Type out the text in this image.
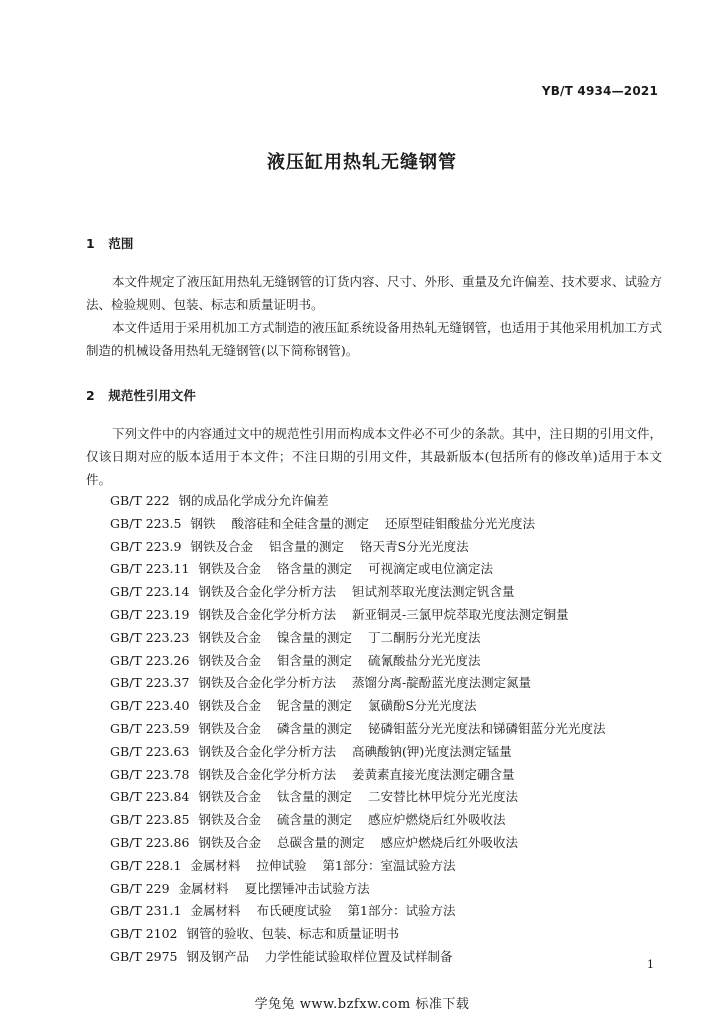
YB/T 4934—2021
液压缸用热轧无缝钢管
1 范围

本文件规定了液压缸用热轧无缝钢管的订货内容、尺寸、外形、重量及允许偏差、技术要求、试验方法、检验规则、包装、标志和质量证明书。

本文件适用于采用机加工方式制造的液压缸系统设备用热轧无缝钢管，也适用于其他采用机加工方式制造的机械设备用热轧无缝钢管(以下简称钢管)。

2 规范性引用文件

下列文件中的内容通过文中的规范性引用而构成本文件必不可少的条款。其中，注日期的引用文件，仅该日期对应的版本适用于本文件；不注日期的引用文件，其最新版本(包括所有的修改单)适用于本文件。

GB/T 222 钢的成品化学成分允许偏差
GB/T 223.5 钢铁 酸溶硅和全硅含量的测定 还原型硅钼酸盐分光光度法
GB/T 223.9 钢铁及合金 铝含量的测定 铬天青S分光光度法
GB/T 223.11 钢铁及合金 铬含量的测定 可视滴定或电位滴定法
GB/T 223.14 钢铁及合金化学分析方法 钽试剂萃取光度法测定钒含量
GB/T 223.19 钢铁及合金化学分析方法 新亚铜灵-三氯甲烷萃取光度法测定铜量
GB/T 223.23 钢铁及合金 镍含量的测定 丁二酮肟分光光度法
GB/T 223.26 钢铁及合金 钼含量的测定 硫氰酸盐分光光度法
GB/T 223.37 钢铁及合金化学分析方法 蒸馏分离-靛酚蓝光度法测定氮量
GB/T 223.40 钢铁及合金 铌含量的测定 氯磺酚S分光光度法
GB/T 223.59 钢铁及合金 磷含量的测定 铋磷钼蓝分光光度法和锑磷钼蓝分光光度法
GB/T 223.63 钢铁及合金化学分析方法 高碘酸钠(钾)光度法测定锰量
GB/T 223.78 钢铁及合金化学分析方法 姜黄素直接光度法测定硼含量
GB/T 223.84 钢铁及合金 钛含量的测定 二安替比林甲烷分光光度法
GB/T 223.85 钢铁及合金 硫含量的测定 感应炉燃烧后红外吸收法
GB/T 223.86 钢铁及合金 总碳含量的测定 感应炉燃烧后红外吸收法
GB/T 228.1 金属材料 拉伸试验 第1部分：室温试验方法
GB/T 229 金属材料 夏比摆锤冲击试验方法
GB/T 231.1 金属材料 布氏硬度试验 第1部分：试验方法
GB/T 2102 钢管的验收、包装、标志和质量证明书
GB/T 2975 钢及钢产品 力学性能试验取样位置及试样制备
1
学兔兔 www.bzfxw.com 标准下载
